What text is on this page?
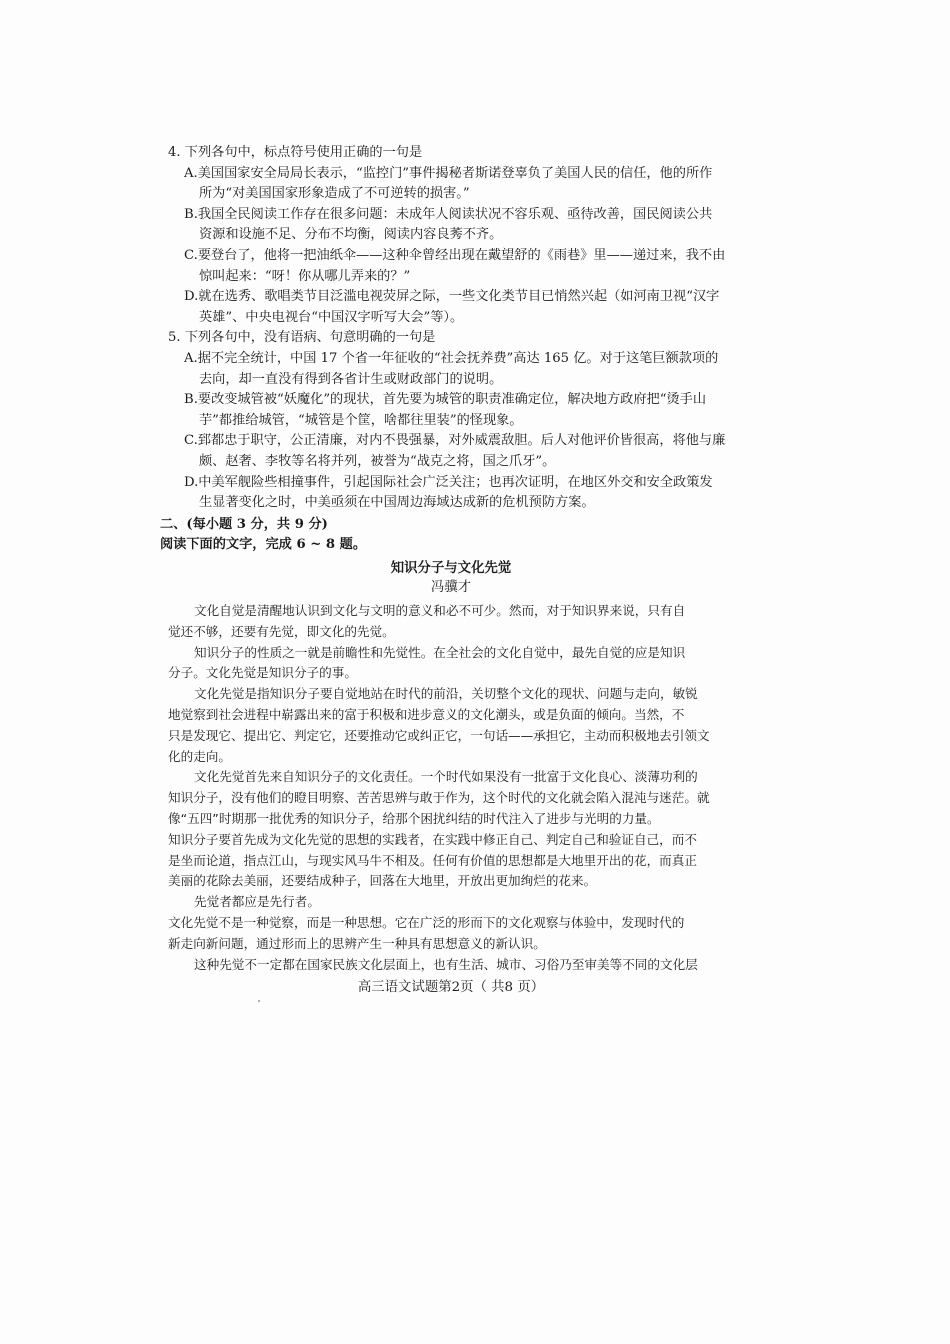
4. 下列各句中，标点符号使用正确的一句是

A.美国国家安全局局长表示，“监控门”事件揭秘者斯诺登辜负了美国人民的信任，他的所作
所为“对美国国家形象造成了不可逆转的损害。”
B.我国全民阅读工作存在很多问题：未成年人阅读状况不容乐观、亟待改善，国民阅读公共
资源和设施不足、分布不均衡，阅读内容良莠不齐。
C.要登台了，他将一把油纸伞——这种伞曾经出现在戴望舒的《雨巷》里——递过来，我不由
惊叫起来：“呀！你从哪儿弄来的？”
D.就在选秀、歌唱类节目泛滥电视荧屏之际，一些文化类节目已悄然兴起（如河南卫视“汉字
英雄”、中央电视台“中国汉字听写大会”等）。

5. 下列各句中，没有语病、句意明确的一句是

A.据不完全统计，中国 17 个省一年征收的“社会抚养费”高达 165 亿。对于这笔巨额款项的
去向，却一直没有得到各省计生或财政部门的说明。
B.要改变城管被“妖魔化”的现状，首先要为城管的职责准确定位，解决地方政府把“烫手山
芋”都推给城管，“城管是个筐，啥都往里装”的怪现象。
C.郅都忠于职守，公正清廉，对内不畏强暴，对外威震敌胆。后人对他评价皆很高，将他与廉
颇、赵奢、李牧等名将并列，被誉为“战克之将，国之爪牙”。
D.中美军舰险些相撞事件，引起国际社会广泛关注；也再次证明，在地区外交和安全政策发
生显著变化之时，中美亟须在中国周边海域达成新的危机预防方案。

二、(每小题 3 分，共 9 分)

阅读下面的文字，完成 6 ~ 8 题。

知识分子与文化先觉

冯骥才

文化自觉是清醒地认识到文化与文明的意义和必不可少。然而，对于知识界来说，只有自
觉还不够，还要有先觉，即文化的先觉。
知识分子的性质之一就是前瞻性和先觉性。在全社会的文化自觉中，最先自觉的应是知识
分子。文化先觉是知识分子的事。
文化先觉是指知识分子要自觉地站在时代的前沿，关切整个文化的现状、问题与走向，敏锐
地觉察到社会进程中崭露出来的富于积极和进步意义的文化潮头，或是负面的倾向。当然，不
只是发现它、提出它、判定它，还要推动它或纠正它，一句话——承担它，主动而积极地去引领文
化的走向。
文化先觉首先来自知识分子的文化责任。一个时代如果没有一批富于文化良心、淡薄功利的
知识分子，没有他们的瞪目明察、苦苦思辨与敢于作为，这个时代的文化就会陷入混沌与迷茫。就
像“五四”时期那一批优秀的知识分子，给那个困扰纠结的时代注入了进步与光明的力量。
知识分子要首先成为文化先觉的思想的实践者，在实践中修正自己、判定自己和验证自己，而不
是坐而论道，指点江山，与现实风马牛不相及。任何有价值的思想都是大地里开出的花，而真正
美丽的花除去美丽，还要结成种子，回落在大地里，开放出更加绚烂的花来。
先觉者都应是先行者。
文化先觉不是一种觉察，而是一种思想。它在广泛的形而下的文化观察与体验中，发现时代的
新走向新问题，通过形而上的思辨产生一种具有思想意义的新认识。
这种先觉不一定都在国家民族文化层面上，也有生活、城市、习俗乃至审美等不同的文化层

高三语文试题第2页（ 共8 页）
